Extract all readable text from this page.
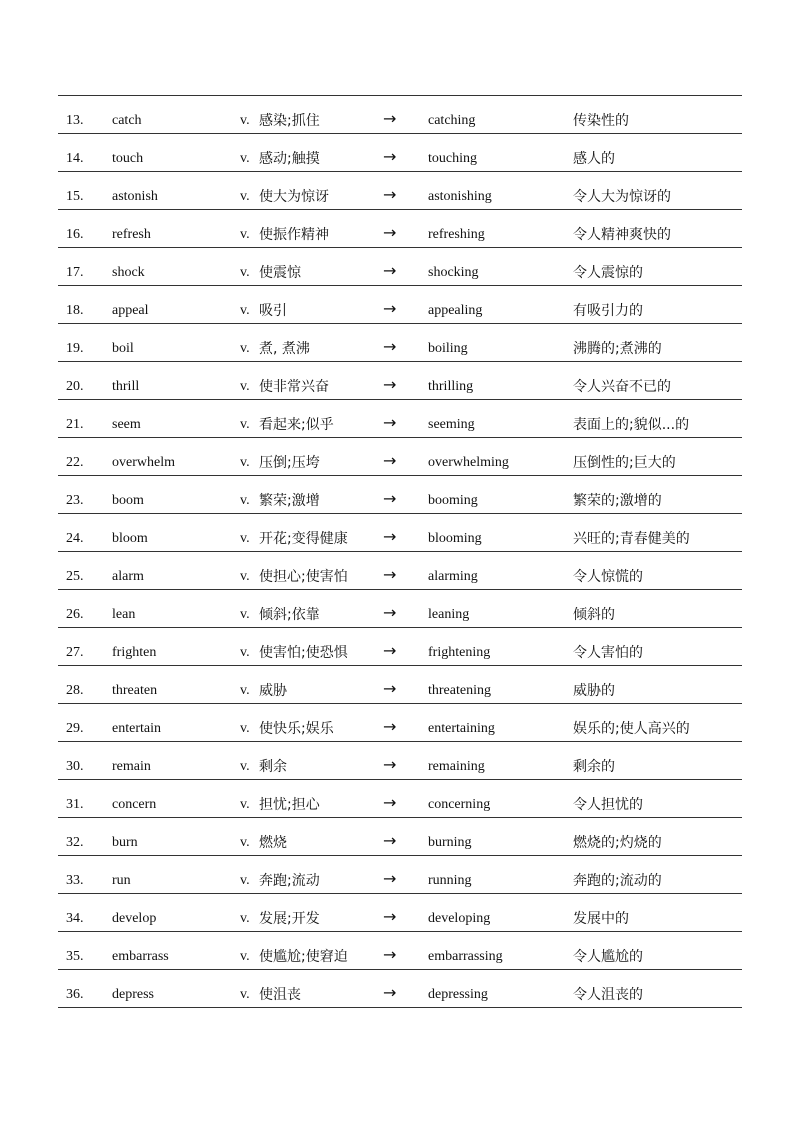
13. catch	v. 感染;抓住	→ catching	传染性的
14. touch	v. 感动;触摸	→ touching	感人的
15. astonish	v. 使大为惊讶	→ astonishing	令人大为惊讶的
16. refresh	v. 使振作精神	→ refreshing	令人精神爽快的
17. shock	v. 使震惊	→ shocking	令人震惊的
18. appeal	v. 吸引	→ appealing	有吸引力的
19. boil	v. 煮, 煮沸	→ boiling	沸腾的;煮沸的
20. thrill	v. 使非常兴奋	→ thrilling	令人兴奋不已的
21. seem	v. 看起来;似乎	→ seeming	表面上的;貌似...的
22. overwhelm	v. 压倒;压垮	→ overwhelming	压倒性的;巨大的
23. boom	v. 繁荣;激增	→ booming	繁荣的;激增的
24. bloom	v. 开花;变得健康 → blooming	兴旺的;青春健美的
25. alarm	v. 使担心;使害怕 → alarming	令人惊慌的
26. lean	v. 倾斜;依靠	→ leaning	倾斜的
27. frighten	v. 使害怕;使恐惧 → frightening	令人害怕的
28. threaten	v. 威胁	→ threatening	威胁的
29. entertain	v. 使快乐;娱乐	→ entertaining	娱乐的;使人高兴的
30. remain	v. 剩余	→ remaining	剩余的
31. concern	v. 担忧;担心	→ concerning	令人担忧的
32. burn	v. 燃烧	→ burning	燃烧的;灼烧的
33. run	v. 奔跑;流动	→ running	奔跑的;流动的
34. develop	v. 发展;开发	→ developing	发展中的
35. embarrass	v. 使尴尬;使窘迫 → embarrassing	令人尴尬的
36. depress	v. 使沮丧	→ depressing	令人沮丧的
